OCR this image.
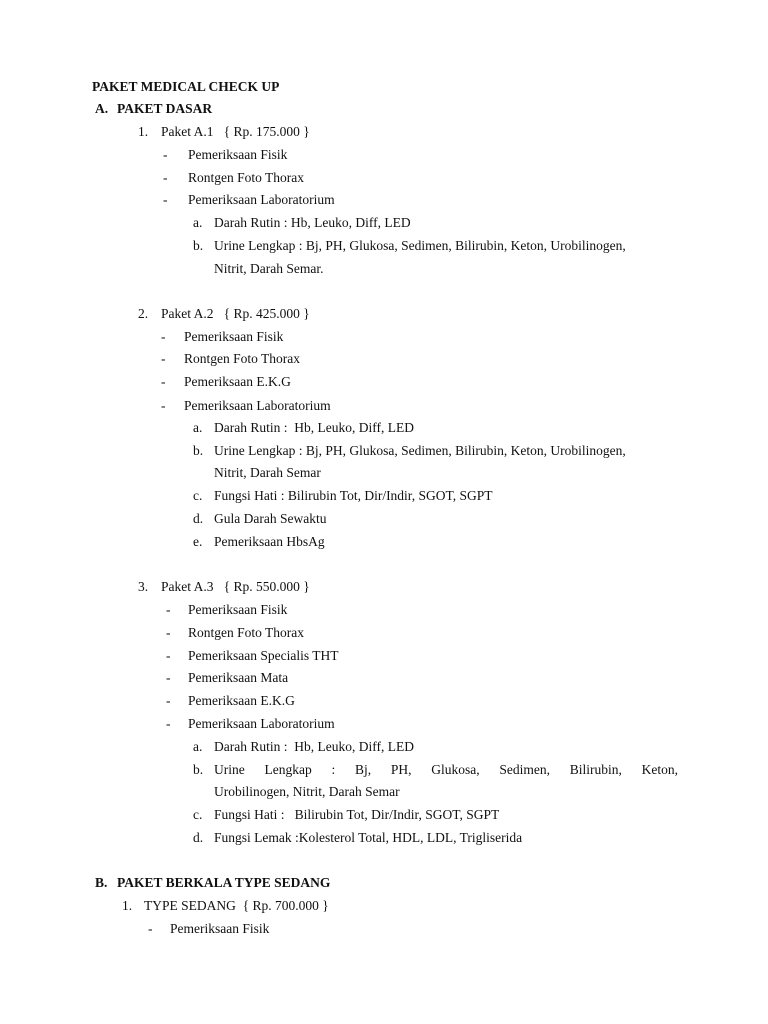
PAKET MEDICAL CHECK UP
A. PAKET DASAR
1. Paket A.1   { Rp. 175.000 }
- Pemeriksaan Fisik
- Rontgen Foto Thorax
- Pemeriksaan Laboratorium
a. Darah Rutin : Hb, Leuko, Diff, LED
b. Urine Lengkap : Bj, PH, Glukosa, Sedimen, Bilirubin, Keton, Urobilinogen,
Nitrit, Darah Semar.
2. Paket A.2   { Rp. 425.000 }
- Pemeriksaan Fisik
- Rontgen Foto Thorax
- Pemeriksaan E.K.G
- Pemeriksaan Laboratorium
a. Darah Rutin :  Hb, Leuko, Diff, LED
b. Urine Lengkap : Bj, PH, Glukosa, Sedimen, Bilirubin, Keton, Urobilinogen,
Nitrit, Darah Semar
c. Fungsi Hati : Bilirubin Tot, Dir/Indir, SGOT, SGPT
d. Gula Darah Sewaktu
e. Pemeriksaan HbsAg
3. Paket A.3   { Rp. 550.000 }
- Pemeriksaan Fisik
- Rontgen Foto Thorax
- Pemeriksaan Specialis THT
- Pemeriksaan Mata
- Pemeriksaan E.K.G
- Pemeriksaan Laboratorium
a. Darah Rutin :  Hb, Leuko, Diff, LED
b. Urine Lengkap : Bj, PH, Glukosa, Sedimen, Bilirubin, Keton,
Urobilinogen, Nitrit, Darah Semar
c. Fungsi Hati :   Bilirubin Tot, Dir/Indir, SGOT, SGPT
d. Fungsi Lemak :Kolesterol Total, HDL, LDL, Trigliserida
B. PAKET BERKALA TYPE SEDANG
1. TYPE SEDANG  { Rp. 700.000 }
- Pemeriksaan Fisik
